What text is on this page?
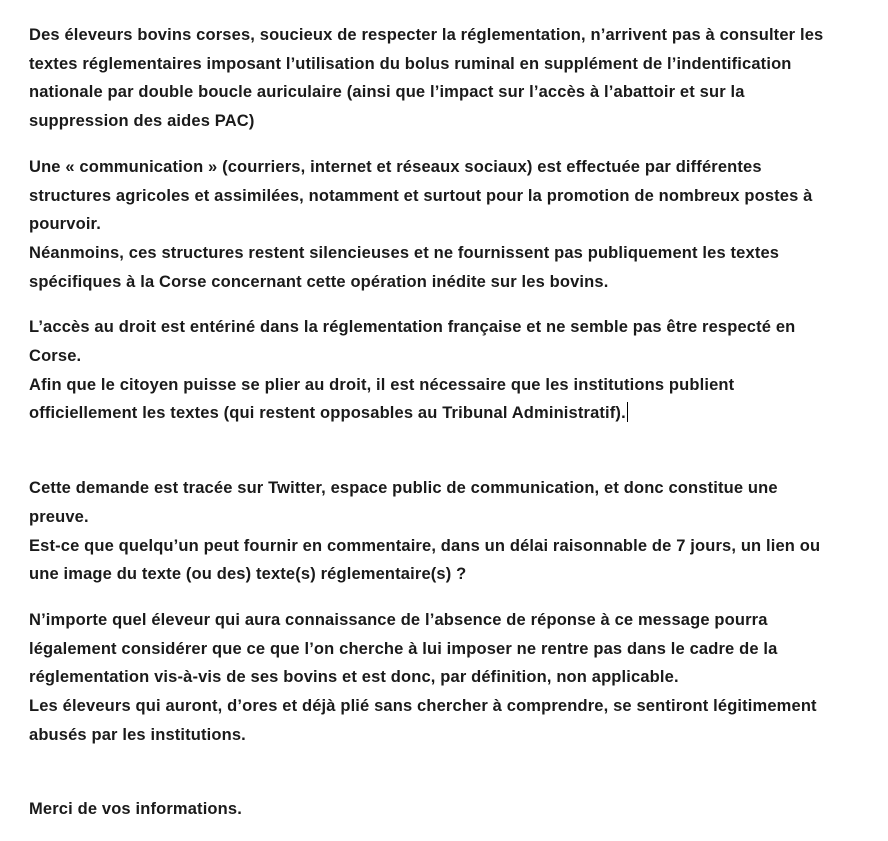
Des éleveurs bovins corses, soucieux de respecter la réglementation, n’arrivent pas à consulter les
textes réglementaires imposant l’utilisation du bolus ruminal en supplément de l’indentification
nationale par double boucle auriculaire (ainsi que l’impact sur l’accès à l’abattoir et sur la
suppression des aides PAC)
Une « communication » (courriers, internet et réseaux sociaux) est effectuée par différentes
structures agricoles et assimilées, notamment et surtout pour la promotion de nombreux postes à
pourvoir.
Néanmoins, ces structures restent silencieuses et ne fournissent pas publiquement les textes
spécifiques à la Corse concernant cette opération inédite sur les bovins.
L’accès au droit est entériné dans la réglementation française et ne semble pas être respecté en
Corse.
Afin que le citoyen puisse se plier au droit, il est nécessaire que les institutions publient
officiellement les textes (qui restent opposables au Tribunal Administratif).
Cette demande est tracée sur Twitter, espace public de communication, et donc constitue une
preuve.
Est-ce que quelqu’un peut fournir en commentaire, dans un délai raisonnable de 7 jours, un lien ou
une image du texte (ou des) texte(s) réglementaire(s) ?
N’importe quel éleveur qui aura connaissance de l’absence de réponse à ce message pourra
légalement considérer que ce que l’on cherche à lui imposer ne rentre pas dans le cadre de la
réglementation vis-à-vis de ses bovins et est donc, par définition, non applicable.
Les éleveurs qui auront, d’ores et déjà plié sans chercher à comprendre, se sentiront légitimement
abusés par les institutions.
Merci de vos informations.
